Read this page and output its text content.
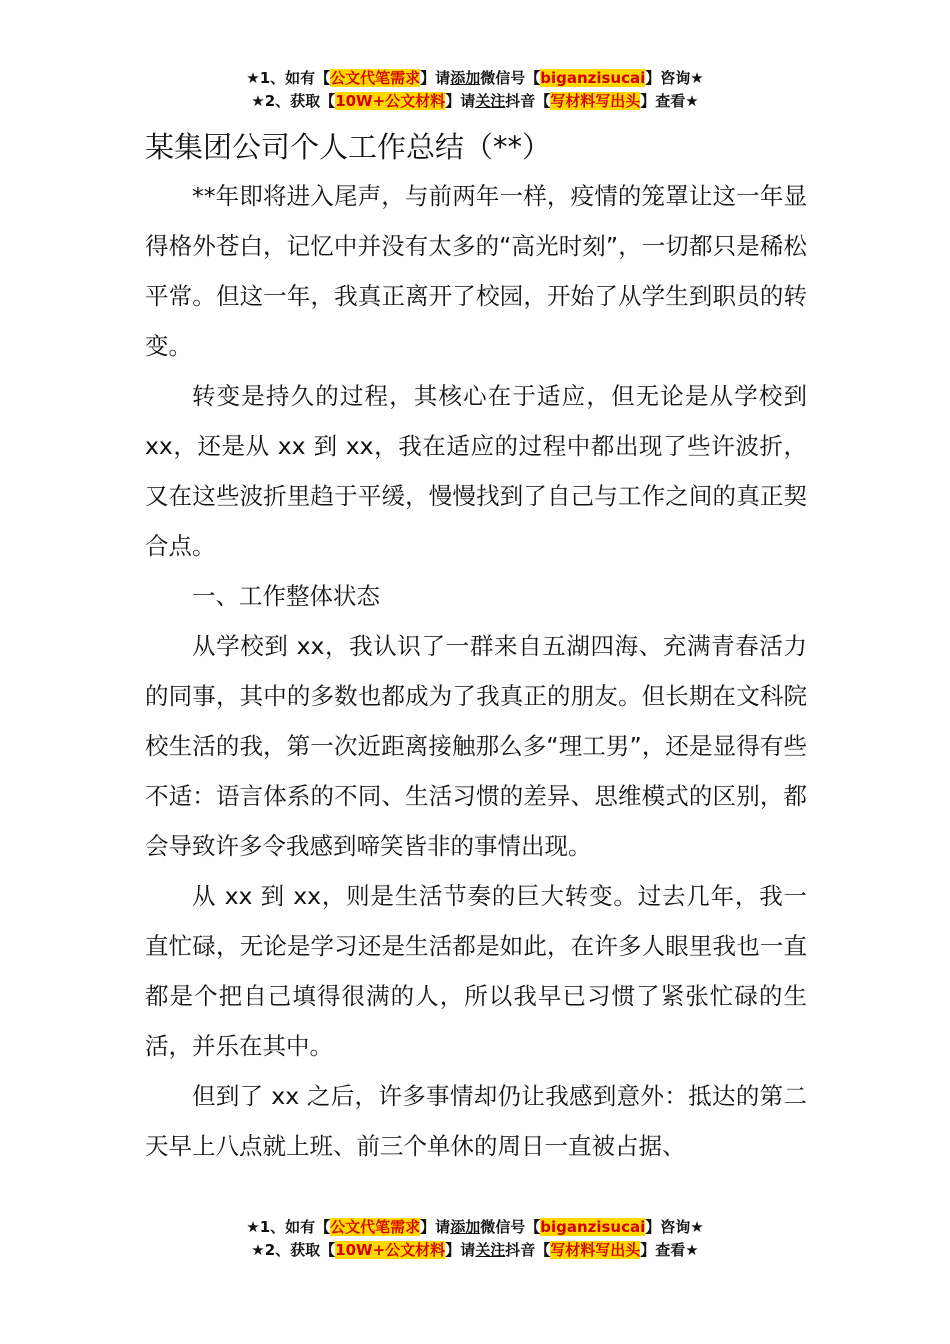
★1、如有【公文代笔需求】请添加微信号【biganzisucai】咨询★
★2、获取【10W+公文材料】请关注抖音【写材料写出头】查看★
某集团公司个人工作总结（**）

**年即将进入尾声，与前两年一样，疫情的笼罩让这一年显得格外苍白，记忆中并没有太多的“高光时刻”，一切都只是稀松平常。但这一年，我真正离开了校园，开始了从学生到职员的转变。

转变是持久的过程，其核心在于适应，但无论是从学校到 xx，还是从 xx 到 xx，我在适应的过程中都出现了些许波折，又在这些波折里趋于平缓，慢慢找到了自己与工作之间的真正契合点。

一、工作整体状态

从学校到 xx，我认识了一群来自五湖四海、充满青春活力的同事，其中的多数也都成为了我真正的朋友。但长期在文科院校生活的我，第一次近距离接触那么多“理工男”，还是显得有些不适：语言体系的不同、生活习惯的差异、思维模式的区别，都会导致许多令我感到啼笑皆非的事情出现。

从 xx 到 xx，则是生活节奏的巨大转变。过去几年，我一直忙碌，无论是学习还是生活都是如此，在许多人眼里我也一直都是个把自己填得很满的人，所以我早已习惯了紧张忙碌的生活，并乐在其中。

但到了 xx 之后，许多事情却仍让我感到意外：抵达的第二天早上八点就上班、前三个单休的周日一直被占据、

★1、如有【公文代笔需求】请添加微信号【biganzisucai】咨询★
★2、获取【10W+公文材料】请关注抖音【写材料写出头】查看★
